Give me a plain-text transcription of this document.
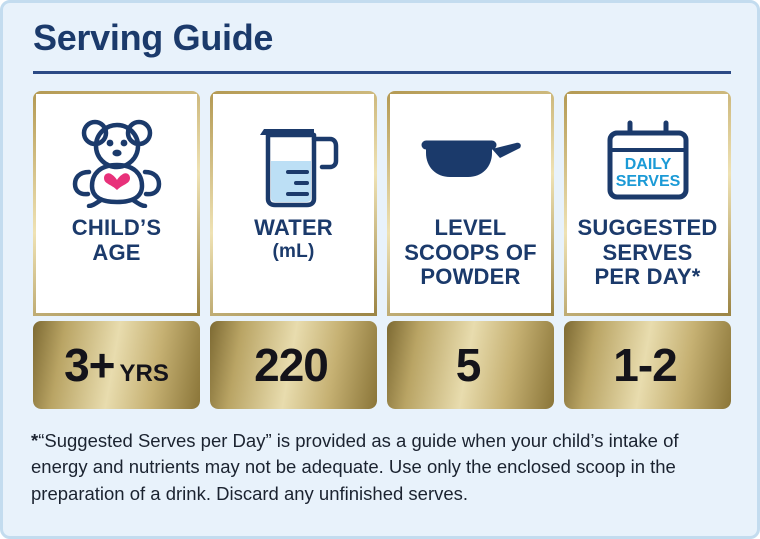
Serving Guide
CHILD’S
AGE
3+ YRS
WATER
(mL)
220
LEVEL
SCOOPS OF
POWDER
5
DAILY
SERVES
SUGGESTED
SERVES
PER DAY*
1-2
*“Suggested Serves per Day” is provided as a guide when your child’s intake of energy and nutrients may not be adequate. Use only the enclosed scoop in the preparation of a drink. Discard any unfinished serves.
